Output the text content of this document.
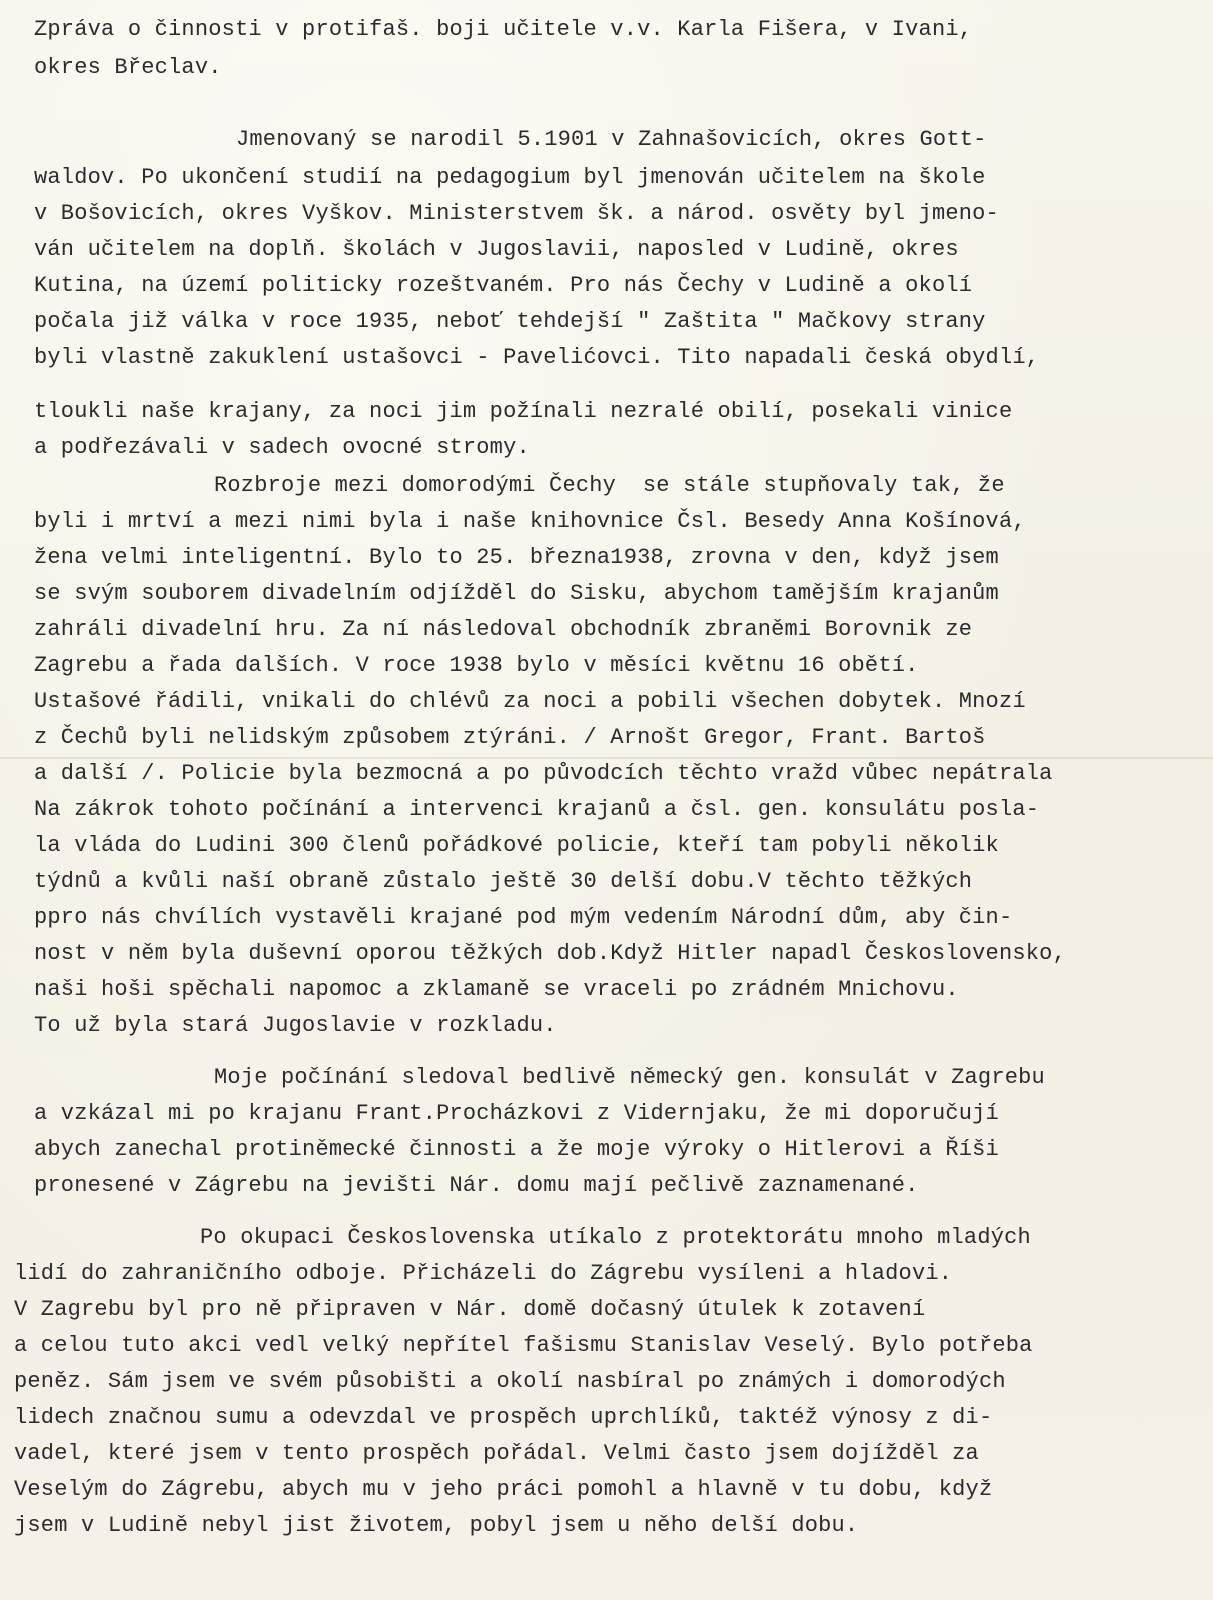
Zpráva o činnosti v protifaš. boji učitele v.v. Karla Fišera, v Ivani,
okres Břeclav.
Jmenovaný se narodil 5.1901 v Zahnašovicích, okres Gott-
waldov. Po ukončení studií na pedagogium byl jmenován učitelem na škole
v Bošovicích, okres Vyškov. Ministerstvem šk. a národ. osvěty byl jmeno-
ván učitelem na doplň. školách v Jugoslavii, naposled v Ludině, okres
Kutina, na území politicky rozeštvaném. Pro nás Čechy v Ludině a okolí
počala již válka v roce 1935, neboť tehdejší " Zaštita " Mačkovy strany
byli vlastně zakuklení ustašovci - Pavelićovci. Tito napadali česká obydlí,
tloukli naše krajany, za noci jim požínali nezralé obilí, posekali vinice
a podřezávali v sadech ovocné stromy.
Rozbroje mezi domorodými Čechy  se stále stupňovaly tak, že
byli i mrtví a mezi nimi byla i naše knihovnice Čsl. Besedy Anna Košínová,
žena velmi inteligentní. Bylo to 25. března1938, zrovna v den, když jsem
se svým souborem divadelním odjížděl do Sisku, abychom tamějším krajanům
zahráli divadelní hru. Za ní následoval obchodník zbraněmi Borovnik ze
Zagrebu a řada dalších. V roce 1938 bylo v měsíci květnu 16 obětí.
Ustašové řádili, vnikali do chlévů za noci a pobili všechen dobytek. Mnozí
z Čechů byli nelidským způsobem ztýráni. / Arnošt Gregor, Frant. Bartoš
a další /. Policie byla bezmocná a po původcích těchto vražd vůbec nepátrala
Na zákrok tohoto počínání a intervenci krajanů a čsl. gen. konsulátu posla-
la vláda do Ludini 300 členů pořádkové policie, kteří tam pobyli několik
týdnů a kvůli naší obraně zůstalo ještě 30 delší dobu.V těchto těžkých
ppro nás chvílích vystavěli krajané pod mým vedením Národní dům, aby čin-
nost v něm byla duševní oporou těžkých dob.Když Hitler napadl Československo,
naši hoši spěchali napomoc a zklamaně se vraceli po zrádném Mnichovu.
To už byla stará Jugoslavie v rozkladu.
Moje počínání sledoval bedlivě německý gen. konsulát v Zagrebu
a vzkázal mi po krajanu Frant.Procházkovi z Vidernjaku, že mi doporučují
abych zanechal protiněmecké činnosti a že moje výroky o Hitlerovi a Říši
pronesené v Zágrebu na jevišti Nár. domu mají pečlivě zaznamenané.
Po okupaci Československa utíkalo z protektorátu mnoho mladých
lidí do zahraničního odboje. Přicházeli do Zágrebu vysíleni a hladovi.
V Zagrebu byl pro ně připraven v Nár. domě dočasný útulek k zotavení
a celou tuto akci vedl velký nepřítel fašismu Stanislav Veselý. Bylo potřeba
peněz. Sám jsem ve svém působišti a okolí nasbíral po známých i domorodých
lidech značnou sumu a odevzdal ve prospěch uprchlíků, taktéž výnosy z di-
vadel, které jsem v tento prospěch pořádal. Velmi často jsem dojížděl za
Veselým do Zágrebu, abych mu v jeho práci pomohl a hlavně v tu dobu, když
jsem v Ludině nebyl jist životem, pobyl jsem u něho delší dobu.
